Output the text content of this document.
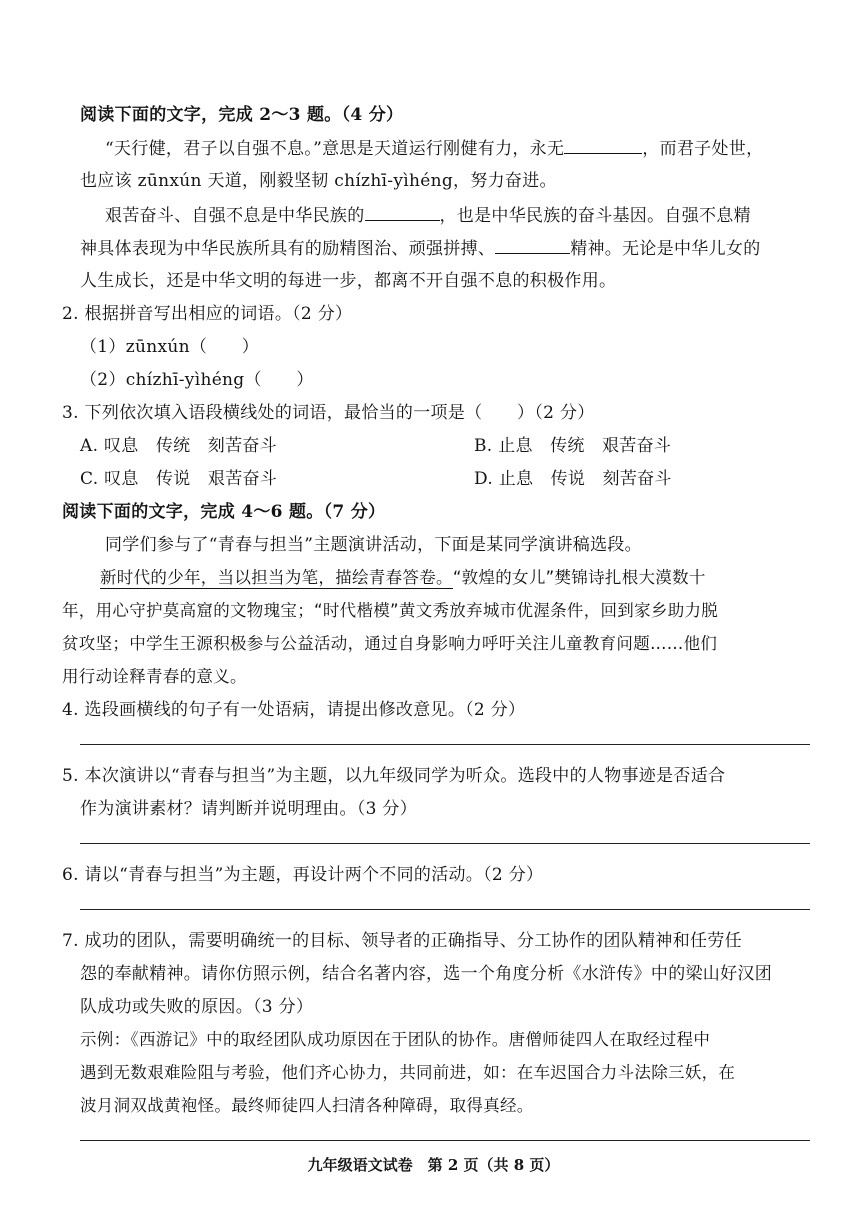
阅读下面的文字，完成 2～3 题。（4 分）
“天行健，君子以自强不息。”意思是天道运行刚健有力，永无	，而君子处世，
也应该 zūnxún 天道，刚毅坚韧 chízhī-yìhéng，努力奋进。
艰苦奋斗、自强不息是中华民族的	，也是中华民族的奋斗基因。自强不息精
神具体表现为中华民族所具有的励精图治、顽强拼搏、	精神。无论是中华儿女的
人生成长，还是中华文明的每进一步，都离不开自强不息的积极作用。
2. 根据拼音写出相应的词语。（2 分）
（1）zūnxún（　　）
（2）chízhī-yìhéng（　　）
3. 下列依次填入语段横线处的词语，最恰当的一项是（　　）（2 分）
A. 叹息　传统　刻苦奋斗	B. 止息　传统　艰苦奋斗
C. 叹息　传说　艰苦奋斗	D. 止息　传说　刻苦奋斗
阅读下面的文字，完成 4～6 题。（7 分）
同学们参与了“青春与担当”主题演讲活动，下面是某同学演讲稿选段。
新时代的少年，当以担当为笔，描绘青春答卷。“敦煌的女儿”樊锦诗扎根大漠数十
年，用心守护莫高窟的文物瑰宝；“时代楷模”黄文秀放弃城市优渥条件，回到家乡助力脱
贫攻坚；中学生王源积极参与公益活动，通过自身影响力呼吁关注儿童教育问题……他们
用行动诠释青春的意义。
4. 选段画横线的句子有一处语病，请提出修改意见。（2 分）
5. 本次演讲以“青春与担当”为主题，以九年级同学为听众。选段中的人物事迹是否适合
作为演讲素材？请判断并说明理由。（3 分）
6. 请以“青春与担当”为主题，再设计两个不同的活动。（2 分）
7. 成功的团队，需要明确统一的目标、领导者的正确指导、分工协作的团队精神和任劳任
怨的奉献精神。请你仿照示例，结合名著内容，选一个角度分析《水浒传》中的梁山好汉团
队成功或失败的原因。（3 分）
示例：《西游记》中的取经团队成功原因在于团队的协作。唐僧师徒四人在取经过程中
遇到无数艰难险阻与考验，他们齐心协力，共同前进，如：在车迟国合力斗法除三妖，在
波月洞双战黄袍怪。最终师徒四人扫清各种障碍，取得真经。
九年级语文试卷　第 2 页（共 8 页）
